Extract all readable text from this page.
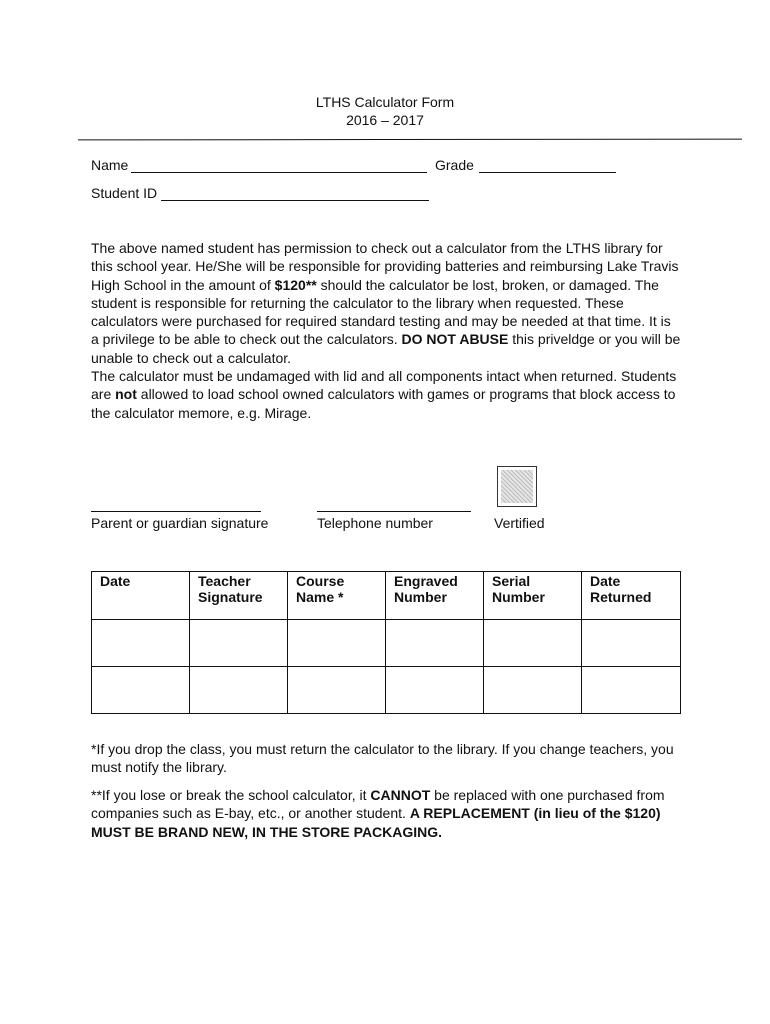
LTHS Calculator Form
2016 – 2017
Name	Grade
Student ID

The above named student has permission to check out a calculator from the LTHS library for this school year. He/She will be responsible for providing batteries and reimbursing Lake Travis High School in the amount of $120** should the calculator be lost, broken, or damaged. The student is responsible for returning the calculator to the library when requested. These calculators were purchased for required standard testing and may be needed at that time. It is a privilege to be able to check out the calculators. DO NOT ABUSE this priveldge or you will be unable to check out a calculator.

The calculator must be undamaged with lid and all components intact when returned. Students are not allowed to load school owned calculators with games or programs that block access to the calculator memore, e.g. Mirage.

Parent or guardian signature	Telephone number	Vertified
Date	Teacher Signature	Course Name *	Engraved Number	Serial Number	Date Returned

*If you drop the class, you must return the calculator to the library. If you change teachers, you must notify the library.
**If you lose or break the school calculator, it CANNOT be replaced with one purchased from companies such as E-bay, etc., or another student. A REPLACEMENT (in lieu of the $120) MUST BE BRAND NEW, IN THE STORE PACKAGING.
